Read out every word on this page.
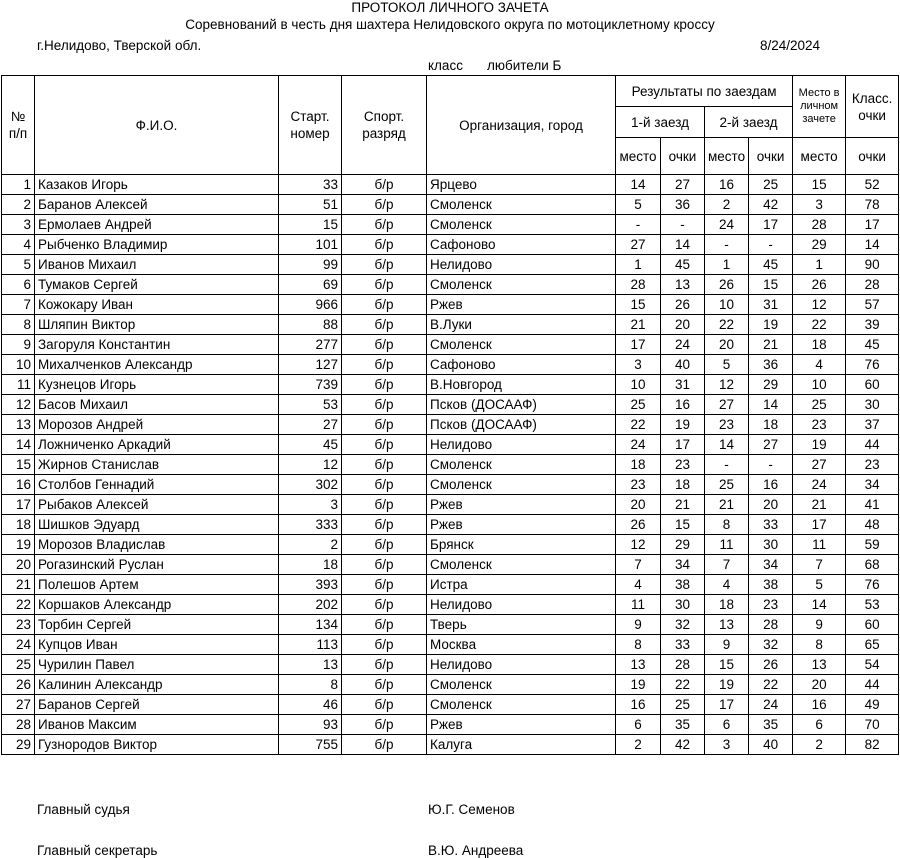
ПРОТОКОЛ ЛИЧНОГО ЗАЧЕТА
Соревнований в честь дня шахтера Нелидовского округа по мотоциклетному кроссу
г.Нелидово, Тверской обл.	8/24/2024
класс любители Б
№ п/п	Ф.И.О.	Старт. номер	Спорт. разряд	Организация, город	Результаты по заездам				Место в личном зачете	Класс. очки
					1-й заезд		2-й заезд			
					место	очки	место	очки	место	очки
1	Казаков Игорь	33	б/р	Ярцево	14	27	16	25	15	52
2	Баранов Алексей	51	б/р	Смоленск	5	36	2	42	3	78
3	Ермолаев Андрей	15	б/р	Смоленск	-	-	24	17	28	17
4	Рыбченко Владимир	101	б/р	Сафоново	27	14	-	-	29	14
5	Иванов Михаил	99	б/р	Нелидово	1	45	1	45	1	90
6	Тумаков Сергей	69	б/р	Смоленск	28	13	26	15	26	28
7	Кожокару Иван	966	б/р	Ржев	15	26	10	31	12	57
8	Шляпин Виктор	88	б/р	В.Луки	21	20	22	19	22	39
9	Загоруля Константин	277	б/р	Смоленск	17	24	20	21	18	45
10	Михалченков Александр	127	б/р	Сафоново	3	40	5	36	4	76
11	Кузнецов Игорь	739	б/р	В.Новгород	10	31	12	29	10	60
12	Басов Михаил	53	б/р	Псков (ДОСААФ)	25	16	27	14	25	30
13	Морозов Андрей	27	б/р	Псков (ДОСААФ)	22	19	23	18	23	37
14	Ложниченко Аркадий	45	б/р	Нелидово	24	17	14	27	19	44
15	Жирнов Станислав	12	б/р	Смоленск	18	23	-	-	27	23
16	Столбов Геннадий	302	б/р	Смоленск	23	18	25	16	24	34
17	Рыбаков Алексей	3	б/р	Ржев	20	21	21	20	21	41
18	Шишков Эдуард	333	б/р	Ржев	26	15	8	33	17	48
19	Морозов Владислав	2	б/р	Брянск	12	29	11	30	11	59
20	Рогазинский Руслан	18	б/р	Смоленск	7	34	7	34	7	68
21	Полешов Артем	393	б/р	Истра	4	38	4	38	5	76
22	Коршаков Александр	202	б/р	Нелидово	11	30	18	23	14	53
23	Торбин Сергей	134	б/р	Тверь	9	32	13	28	9	60
24	Купцов Иван	113	б/р	Москва	8	33	9	32	8	65
25	Чурилин Павел	13	б/р	Нелидово	13	28	15	26	13	54
26	Калинин Александр	8	б/р	Смоленск	19	22	19	22	20	44
27	Баранов Сергей	46	б/р	Смоленск	16	25	17	24	16	49
28	Иванов Максим	93	б/р	Ржев	6	35	6	35	6	70
29	Гузнородов Виктор	755	б/р	Калуга	2	42	3	40	2	82
Главный судья	Ю.Г. Семенов
Главный секретарь	В.Ю. Андреева
